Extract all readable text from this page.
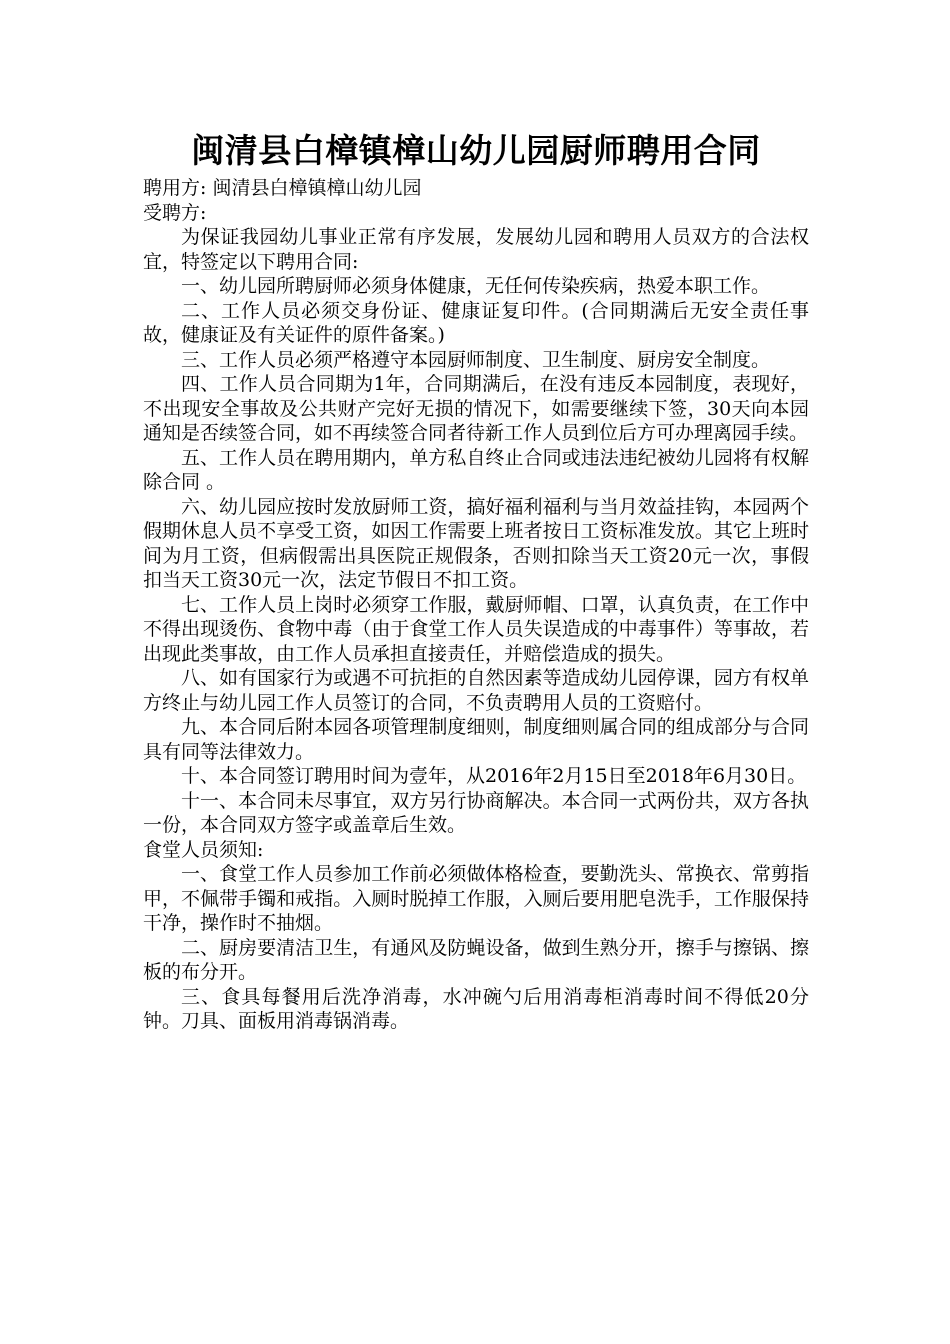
闽清县白樟镇樟山幼儿园厨师聘用合同

聘用方: 闽清县白樟镇樟山幼儿园

受聘方:

为保证我园幼儿事业正常有序发展，发展幼儿园和聘用人员双方的合法权宜，特签定以下聘用合同:

一、幼儿园所聘厨师必须身体健康，无任何传染疾病，热爱本职工作。

二、工作人员必须交身份证、健康证复印件。(合同期满后无安全责任事故，健康证及有关证件的原件备案。)

三、工作人员必须严格遵守本园厨师制度、卫生制度、厨房安全制度。

四、工作人员合同期为1年，合同期满后，在没有违反本园制度，表现好，不出现安全事故及公共财产完好无损的情况下，如需要继续下签，30天向本园通知是否续签合同，如不再续签合同者待新工作人员到位后方可办理离园手续。

五、工作人员在聘用期内，单方私自终止合同或违法违纪被幼儿园将有权解除合同 。

六、幼儿园应按时发放厨师工资，搞好福利福利与当月效益挂钩，本园两个假期休息人员不享受工资，如因工作需要上班者按日工资标准发放。其它上班时间为月工资，但病假需出具医院正规假条，否则扣除当天工资20元一次，事假扣当天工资30元一次，法定节假日不扣工资。

七、工作人员上岗时必须穿工作服，戴厨师帽、口罩，认真负责，在工作中不得出现烫伤、食物中毒（由于食堂工作人员失误造成的中毒事件）等事故，若出现此类事故，由工作人员承担直接责任，并赔偿造成的损失。

八、如有国家行为或遇不可抗拒的自然因素等造成幼儿园停课，园方有权单方终止与幼儿园工作人员签订的合同，不负责聘用人员的工资赔付。

九、本合同后附本园各项管理制度细则，制度细则属合同的组成部分与合同具有同等法律效力。

十、本合同签订聘用时间为壹年，从2016年2月15日至2018年6月30日。

十一、本合同未尽事宜，双方另行协商解决。本合同一式两份共，双方各执一份，本合同双方签字或盖章后生效。

食堂人员须知:

一、食堂工作人员参加工作前必须做体格检查，要勤洗头、常换衣、常剪指甲，不佩带手镯和戒指。入厕时脱掉工作服，入厕后要用肥皂洗手，工作服保持干净，操作时不抽烟。

二、厨房要清洁卫生，有通风及防蝇设备，做到生熟分开，擦手与擦锅、擦板的布分开。

三、食具每餐用后洗净消毒，水冲碗勺后用消毒柜消毒时间不得低20分钟。刀具、面板用消毒锅消毒。
